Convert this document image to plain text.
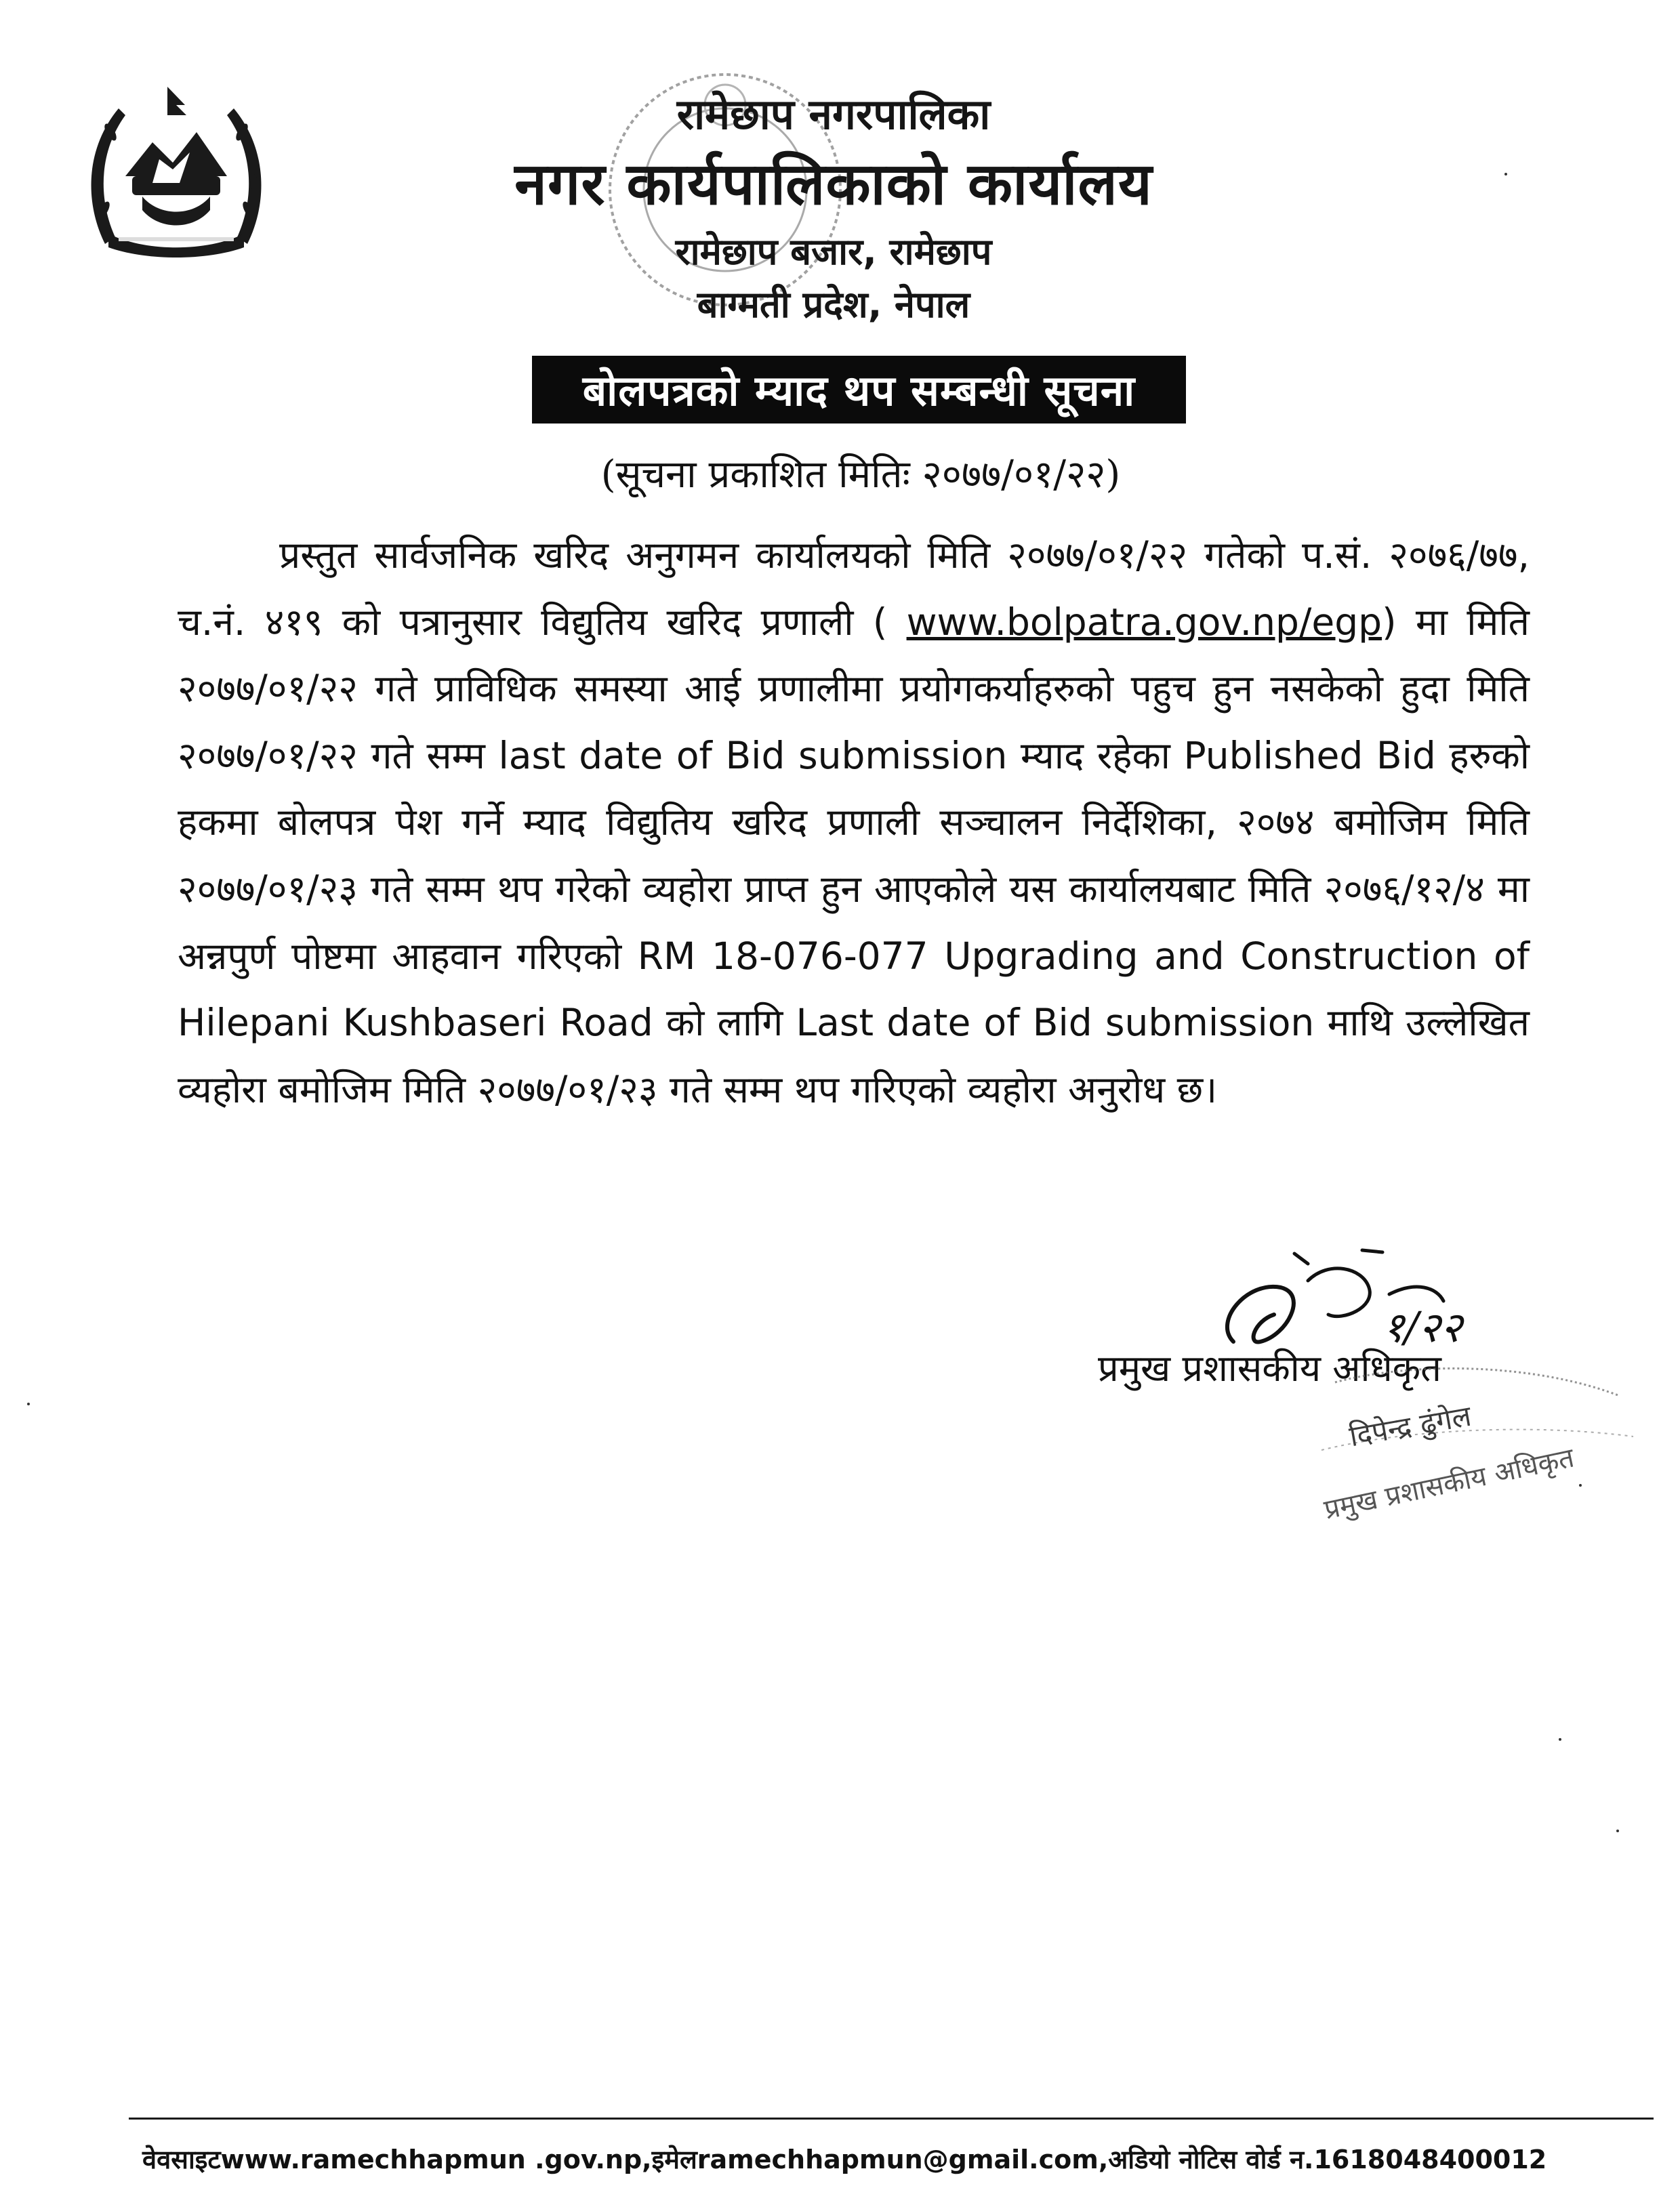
रामेछाप नगरपालिका
नगर कार्यपालिकाको कार्यालय
रामेछाप बजार, रामेछाप
बाग्मती प्रदेश, नेपाल
बोलपत्रको म्याद थप सम्बन्धी सूचना
(सूचना प्रकाशित मितिः २०७७/०१/२२)
प्रस्तुत सार्वजनिक खरिद अनुगमन कार्यालयको मिति २०७७/०१/२२ गतेको प.सं. २०७६/७७, च.नं. ४१९ को पत्रानुसार विद्युतिय खरिद प्रणाली ( www.bolpatra.gov.np/egp) मा मिति २०७७/०१/२२ गते प्राविधिक समस्या आई प्रणालीमा प्रयोगकर्याहरुको पहुच हुन नसकेको हुदा मिति २०७७/०१/२२ गते सम्म last date of Bid submission म्याद रहेका Published Bid हरुको हकमा बोलपत्र पेश गर्ने म्याद विद्युतिय खरिद प्रणाली सञ्चालन निर्देशिका, २०७४ बमोजिम मिति २०७७/०१/२३ गते सम्म थप गरेको व्यहोरा प्राप्त हुन आएकोले यस कार्यालयबाट मिति २०७६/१२/४ मा अन्नपुर्ण पोष्टमा आहवान गरिएको RM 18-076-077 Upgrading and Construction of Hilepani Kushbaseri Road को लागि Last date of Bid submission माथि उल्लेखित व्यहोरा बमोजिम मिति २०७७/०१/२३ गते सम्म थप गरिएको व्यहोरा अनुरोध छ।
१/२२
प्रमुख प्रशासकीय अधिकृत
दिपेन्द्र ढुंगेल
प्रमुख प्रशासकीय अधिकृत
वेवसाइटwww.ramechhapmun .gov.np,इमेलramechhapmun@gmail.com,अडियो नोटिस वोर्ड न.1618048400012
